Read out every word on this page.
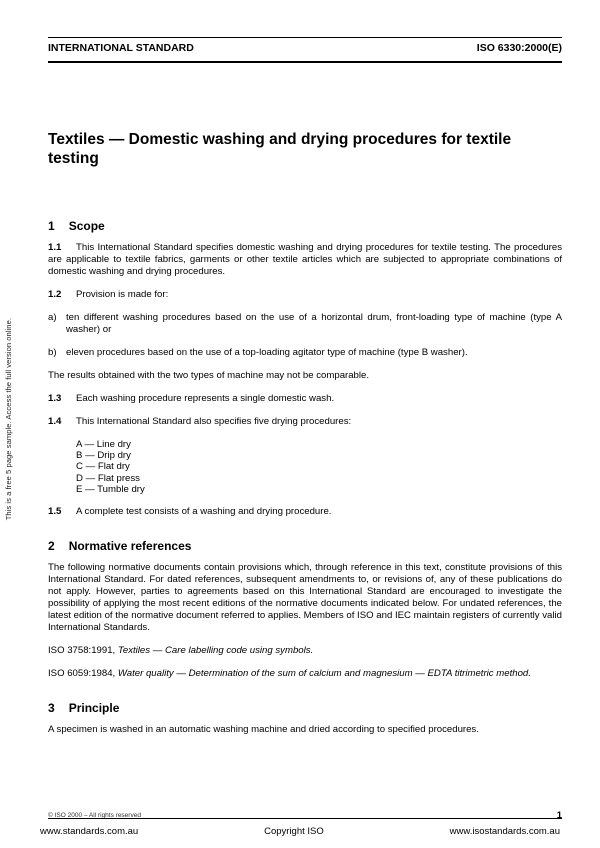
This is a free 5 page sample. Access the full version online.
INTERNATIONAL STANDARD	ISO 6330:2000(E)
Textiles — Domestic washing and drying procedures for textile testing
1 Scope

1.1 This International Standard specifies domestic washing and drying procedures for textile testing. The procedures are applicable to textile fabrics, garments or other textile articles which are subjected to appropriate combinations of domestic washing and drying procedures.

1.2 Provision is made for:

a) ten different washing procedures based on the use of a horizontal drum, front-loading type of machine (type A washer) or

b) eleven procedures based on the use of a top-loading agitator type of machine (type B washer).

The results obtained with the two types of machine may not be comparable.

1.3 Each washing procedure represents a single domestic wash.

1.4 This International Standard also specifies five drying procedures:

A — Line dry
B — Drip dry
C — Flat dry
D — Flat press
E — Tumble dry

1.5 A complete test consists of a washing and drying procedure.

2 Normative references

The following normative documents contain provisions which, through reference in this text, constitute provisions of this International Standard. For dated references, subsequent amendments to, or revisions of, any of these publications do not apply. However, parties to agreements based on this International Standard are encouraged to investigate the possibility of applying the most recent editions of the normative documents indicated below. For undated references, the latest edition of the normative document referred to applies. Members of ISO and IEC maintain registers of currently valid International Standards.

ISO 3758:1991, Textiles — Care labelling code using symbols.

ISO 6059:1984, Water quality — Determination of the sum of calcium and magnesium — EDTA titrimetric method.

3 Principle

A specimen is washed in an automatic washing machine and dried according to specified procedures.

© ISO 2000 – All rights reserved	1
www.standards.com.au	Copyright ISO	www.isostandards.com.au
